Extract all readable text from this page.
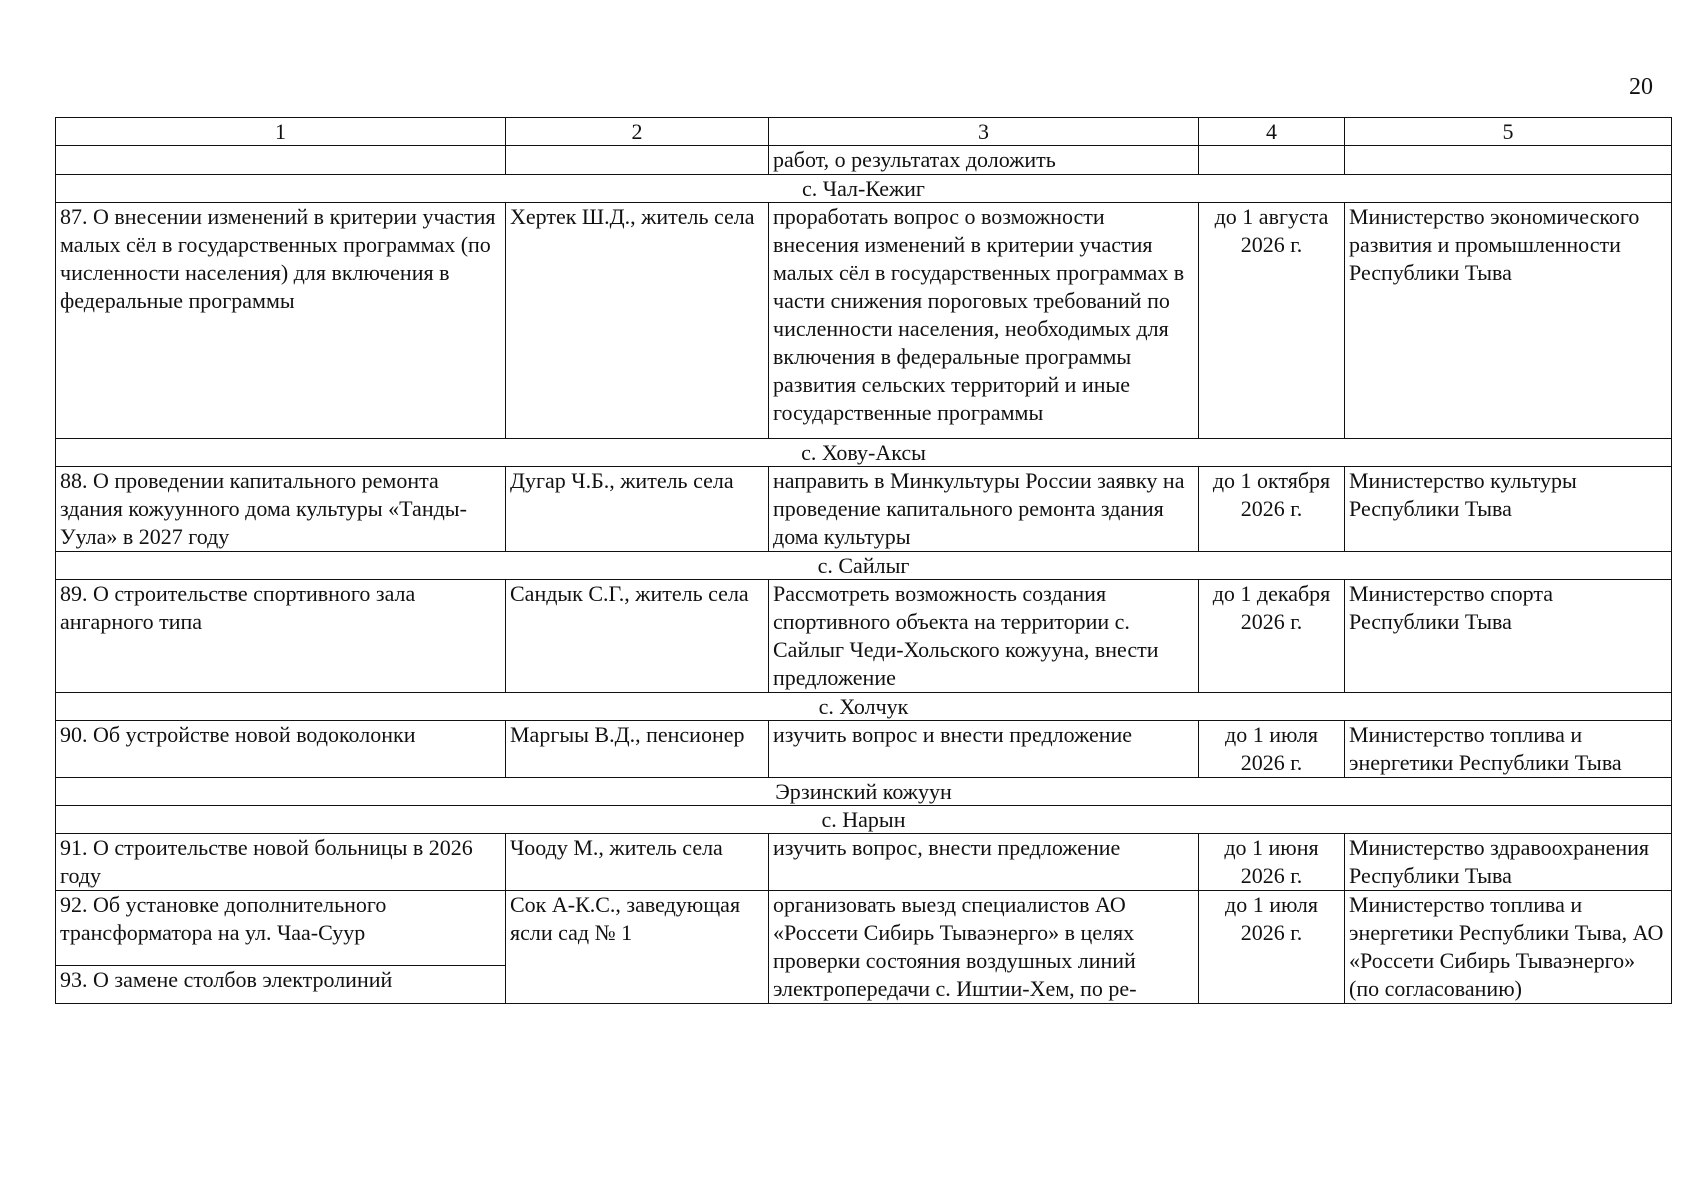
20
1	2	3	4	5
		работ, о результатах доложить		
с. Чал-Кежиг				
87. О внесении изменений в критерии участия малых сёл в государственных программах (по численности населения) для включения в федеральные программы	Хертек Ш.Д., житель села	проработать вопрос о возможности внесения изменений в критерии участия малых сёл в государственных программах в части снижения пороговых требований по численности населения, необходимых для включения в федеральные программы развития сельских территорий и иные государственные программы	до 1 августа 2026 г.	Министерство экономического развития и промышленности Республики Тыва
с. Хову-Аксы				
88. О проведении капитального ремонта здания кожуунного дома культуры «Танды-Уула» в 2027 году	Дугар Ч.Б., житель села	направить в Минкультуры России заявку на проведение капитального ремонта здания дома культуры	до 1 октября 2026 г.	Министерство культуры Республики Тыва
с. Сайлыг				
89. О строительстве спортивного зала ангарного типа	Сандык С.Г., житель села	Рассмотреть возможность создания спортивного объекта на территории с. Сайлыг Чеди-Хольского кожууна, внести предложение	до 1 декабря 2026 г.	Министерство спорта Республики Тыва
с. Холчук				
90. Об устройстве новой водоколонки	Маргыы В.Д., пенсионер	изучить вопрос и внести предложение	до 1 июля 2026 г.	Министерство топлива и энергетики Республики Тыва
Эрзинский кожуун				
с. Нарын				
91. О строительстве новой больницы в 2026 году	Чооду М., житель села	изучить вопрос, внести предложение	до 1 июня 2026 г.	Министерство здравоохранения Республики Тыва
92. Об установке дополнительного трансформатора на ул. Чаа-Суур	Сок А-К.С., заведующая ясли сад № 1	организовать выезд специалистов АО «Россети Сибирь Тываэнерго» в целях проверки состояния воздушных линий электропередачи с. Иштии-Хем, по ре-	до 1 июля 2026 г.	Министерство топлива и энергетики Республики Тыва, АО «Россети Сибирь Тываэнерго» (по согласованию)
93. О замене столбов электролиний				
